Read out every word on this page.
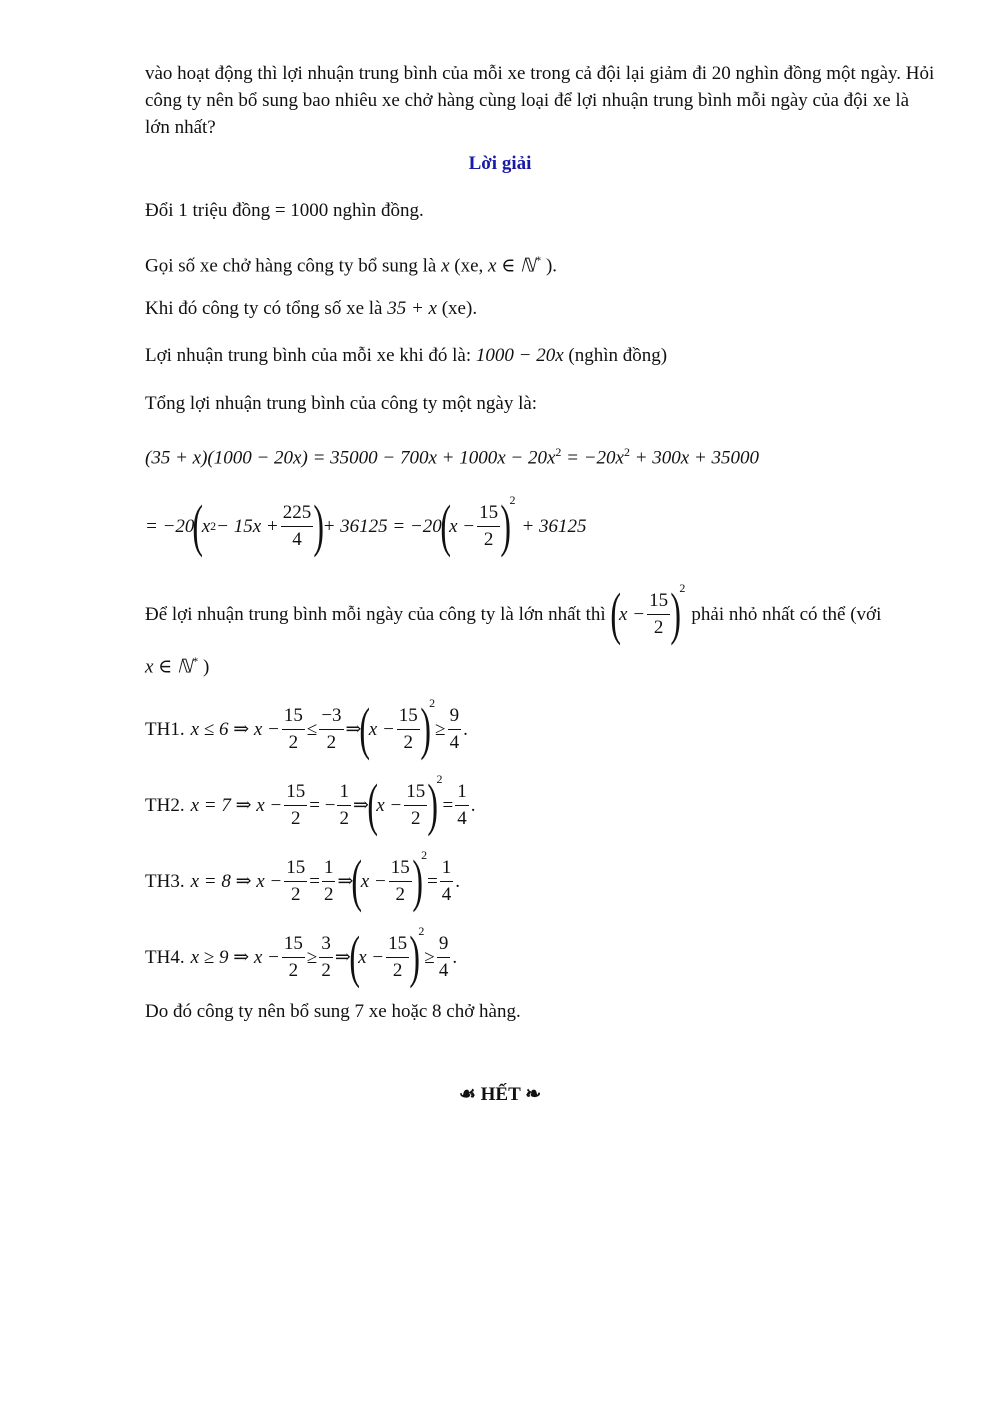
vào hoạt động thì lợi nhuận trung bình của mỗi xe trong cả đội lại giảm đi 20 nghìn đồng một ngày. Hỏi công ty nên bổ sung bao nhiêu xe chở hàng cùng loại để lợi nhuận trung bình mỗi ngày của đội xe là lớn nhất?
Lời giải
Đổi 1 triệu đồng = 1000 nghìn đồng.
Gọi số xe chở hàng công ty bổ sung là x (xe, x ∈ ℕ* ).
Khi đó công ty có tổng số xe là 35 + x (xe).
Lợi nhuận trung bình của mỗi xe khi đó là: 1000 − 20x (nghìn đồng)
Tổng lợi nhuận trung bình của công ty một ngày là:
$(35 + x)(1000 - 20x) = 35000 - 700x + 1000x - 20x^2 = -20x^2 + 300x + 35000$
= −20
(
x $2 - 15x + \frac{225}{4}$ )
+ 36125 = −20
(
$x - \frac{15}{2}$ )
2
+ 36125
Để lợi nhuận trung bình mỗi ngày của công ty là lớn nhất thì (
$x - \frac{15}{2}$ )
2
phải nhỏ nhất có thể (với
x ∈ ℕ* )
TH1. x ≤ 6 ⇒ $x - \frac{15}{2} \le \frac{-3}{2}$ ⇒
(
$x - \frac{15}{2}$ )
2
≥ $\frac{9}{4}$ .
TH2. x = 7 ⇒ $x - \frac{15}{2}$ = − $\frac{1}{2}$ ⇒
(
$x - \frac{15}{2}$ )
2
= $\frac{1}{4}$ .
TH3. x = 8 ⇒ $x - \frac{15}{2} = \frac{1}{2}$ ⇒
(
$x - \frac{15}{2}$ )
2
= $\frac{1}{4}$ .
TH4. x ≥ 9 ⇒ $x - \frac{15}{2} \ge \frac{3}{2}$ ⇒
(
$x - \frac{15}{2}$ )
2
≥ $\frac{9}{4}$ .
Do đó công ty nên bổ sung 7 xe hoặc 8 chở hàng.
☙ HẾT ❧
